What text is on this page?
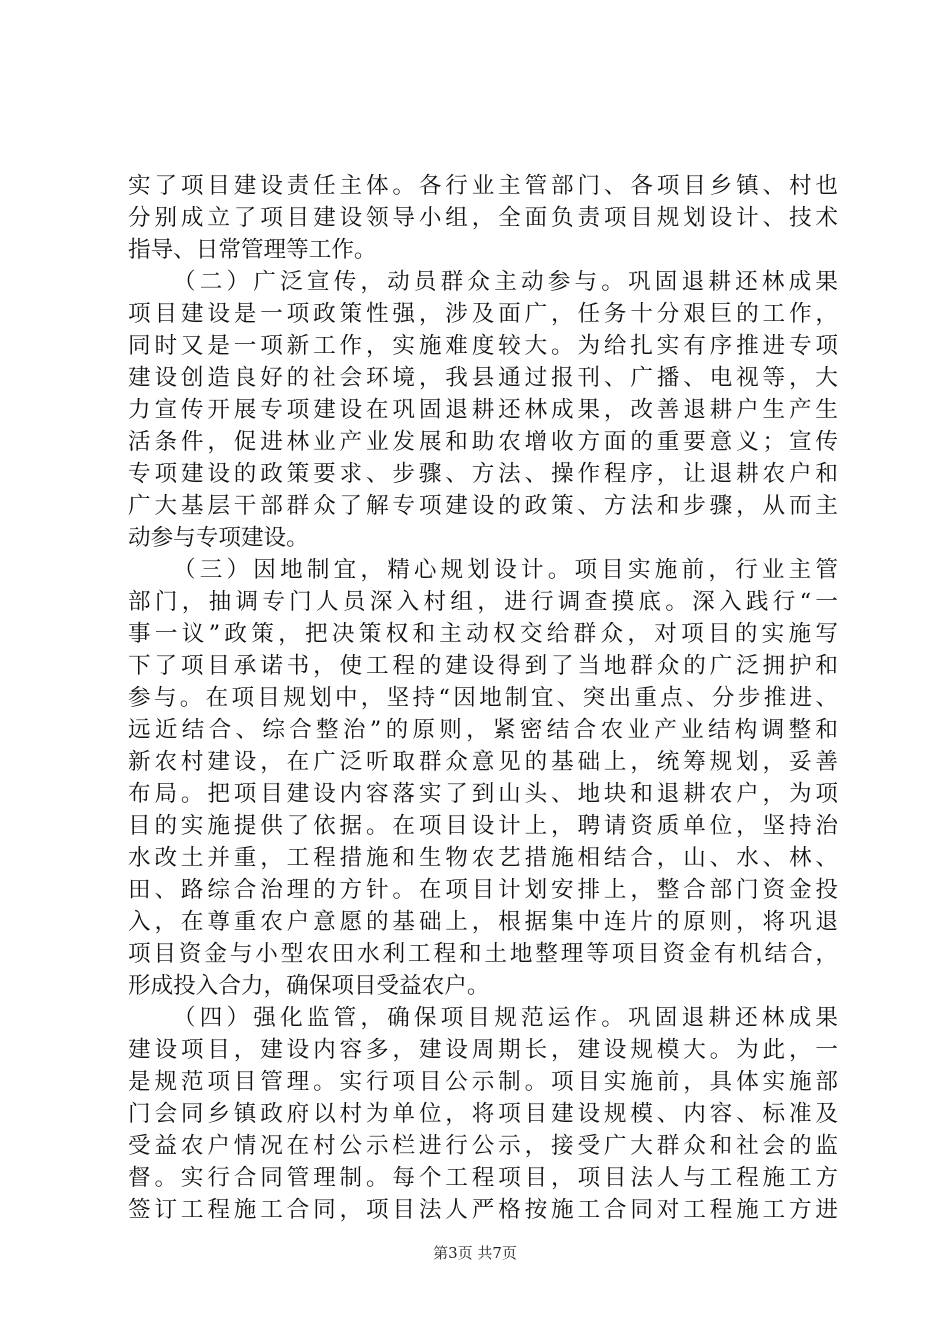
实了项目建设责任主体。各行业主管部门、各项目乡镇、村也
分别成立了项目建设领导小组，全面负责项目规划设计、技术
指导、日常管理等工作。
（二）广泛宣传，动员群众主动参与。巩固退耕还林成果
项目建设是一项政策性强，涉及面广，任务十分艰巨的工作，
同时又是一项新工作，实施难度较大。为给扎实有序推进专项
建设创造良好的社会环境，我县通过报刊、广播、电视等，大
力宣传开展专项建设在巩固退耕还林成果，改善退耕户生产生
活条件，促进林业产业发展和助农增收方面的重要意义；宣传
专项建设的政策要求、步骤、方法、操作程序，让退耕农户和
广大基层干部群众了解专项建设的政策、方法和步骤，从而主
动参与专项建设。
（三）因地制宜，精心规划设计。项目实施前，行业主管
部门，抽调专门人员深入村组，进行调查摸底。深入践行“一
事一议”政策，把决策权和主动权交给群众，对项目的实施写
下了项目承诺书，使工程的建设得到了当地群众的广泛拥护和
参与。在项目规划中，坚持“因地制宜、突出重点、分步推进、
远近结合、综合整治”的原则，紧密结合农业产业结构调整和
新农村建设，在广泛听取群众意见的基础上，统筹规划，妥善
布局。把项目建设内容落实了到山头、地块和退耕农户，为项
目的实施提供了依据。在项目设计上，聘请资质单位，坚持治
水改土并重，工程措施和生物农艺措施相结合，山、水、林、
田、路综合治理的方针。在项目计划安排上，整合部门资金投
入，在尊重农户意愿的基础上，根据集中连片的原则，将巩退
项目资金与小型农田水利工程和土地整理等项目资金有机结合，
形成投入合力，确保项目受益农户。
（四）强化监管，确保项目规范运作。巩固退耕还林成果
建设项目，建设内容多，建设周期长，建设规模大。为此，一
是规范项目管理。实行项目公示制。项目实施前，具体实施部
门会同乡镇政府以村为单位，将项目建设规模、内容、标准及
受益农户情况在村公示栏进行公示，接受广大群众和社会的监
督。实行合同管理制。每个工程项目，项目法人与工程施工方
签订工程施工合同，项目法人严格按施工合同对工程施工方进
第3页 共7页
